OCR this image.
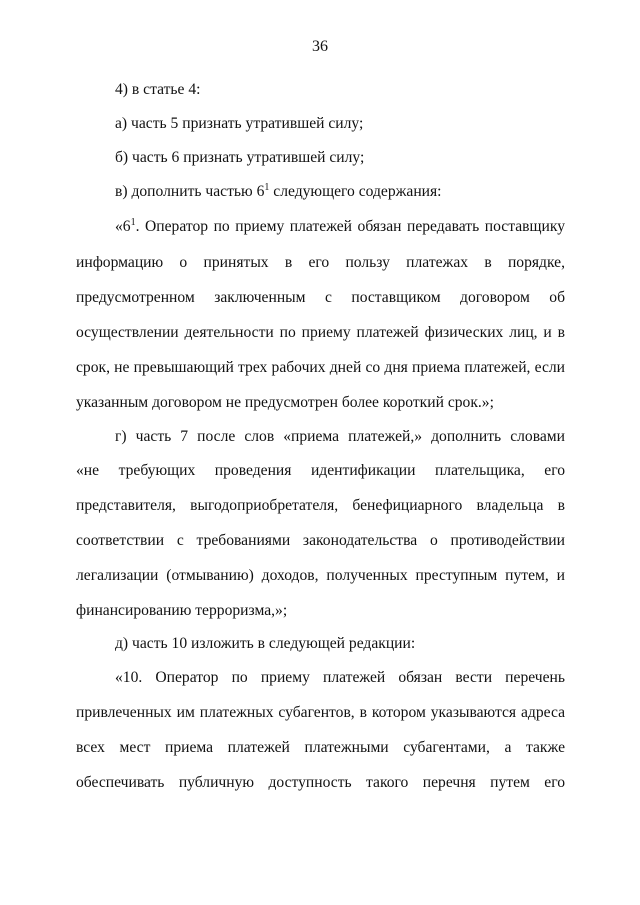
36
4) в статье 4:
а) часть 5 признать утратившей силу;
б) часть 6 признать утратившей силу;
в) дополнить частью $6^1$ следующего содержания:
«$6^1$. Оператор по приему платежей обязан передавать поставщику
информацию о принятых в его пользу платежах в порядке,
предусмотренном заключенным с поставщиком договором об
осуществлении деятельности по приему платежей физических лиц, и в
срок, не превышающий трех рабочих дней со дня приема платежей, если
указанным договором не предусмотрен более короткий срок.»;
г) часть 7 после слов «приема платежей,» дополнить словами
«не требующих проведения идентификации плательщика, его
представителя, выгодоприобретателя, бенефициарного владельца в
соответствии с требованиями законодательства о противодействии
легализации (отмыванию) доходов, полученных преступным путем, и
финансированию терроризма,»;
д) часть 10 изложить в следующей редакции:
«10. Оператор по приему платежей обязан вести перечень
привлеченных им платежных субагентов, в котором указываются адреса
всех мест приема платежей платежными субагентами, а также
обеспечивать публичную доступность такого перечня путем его
